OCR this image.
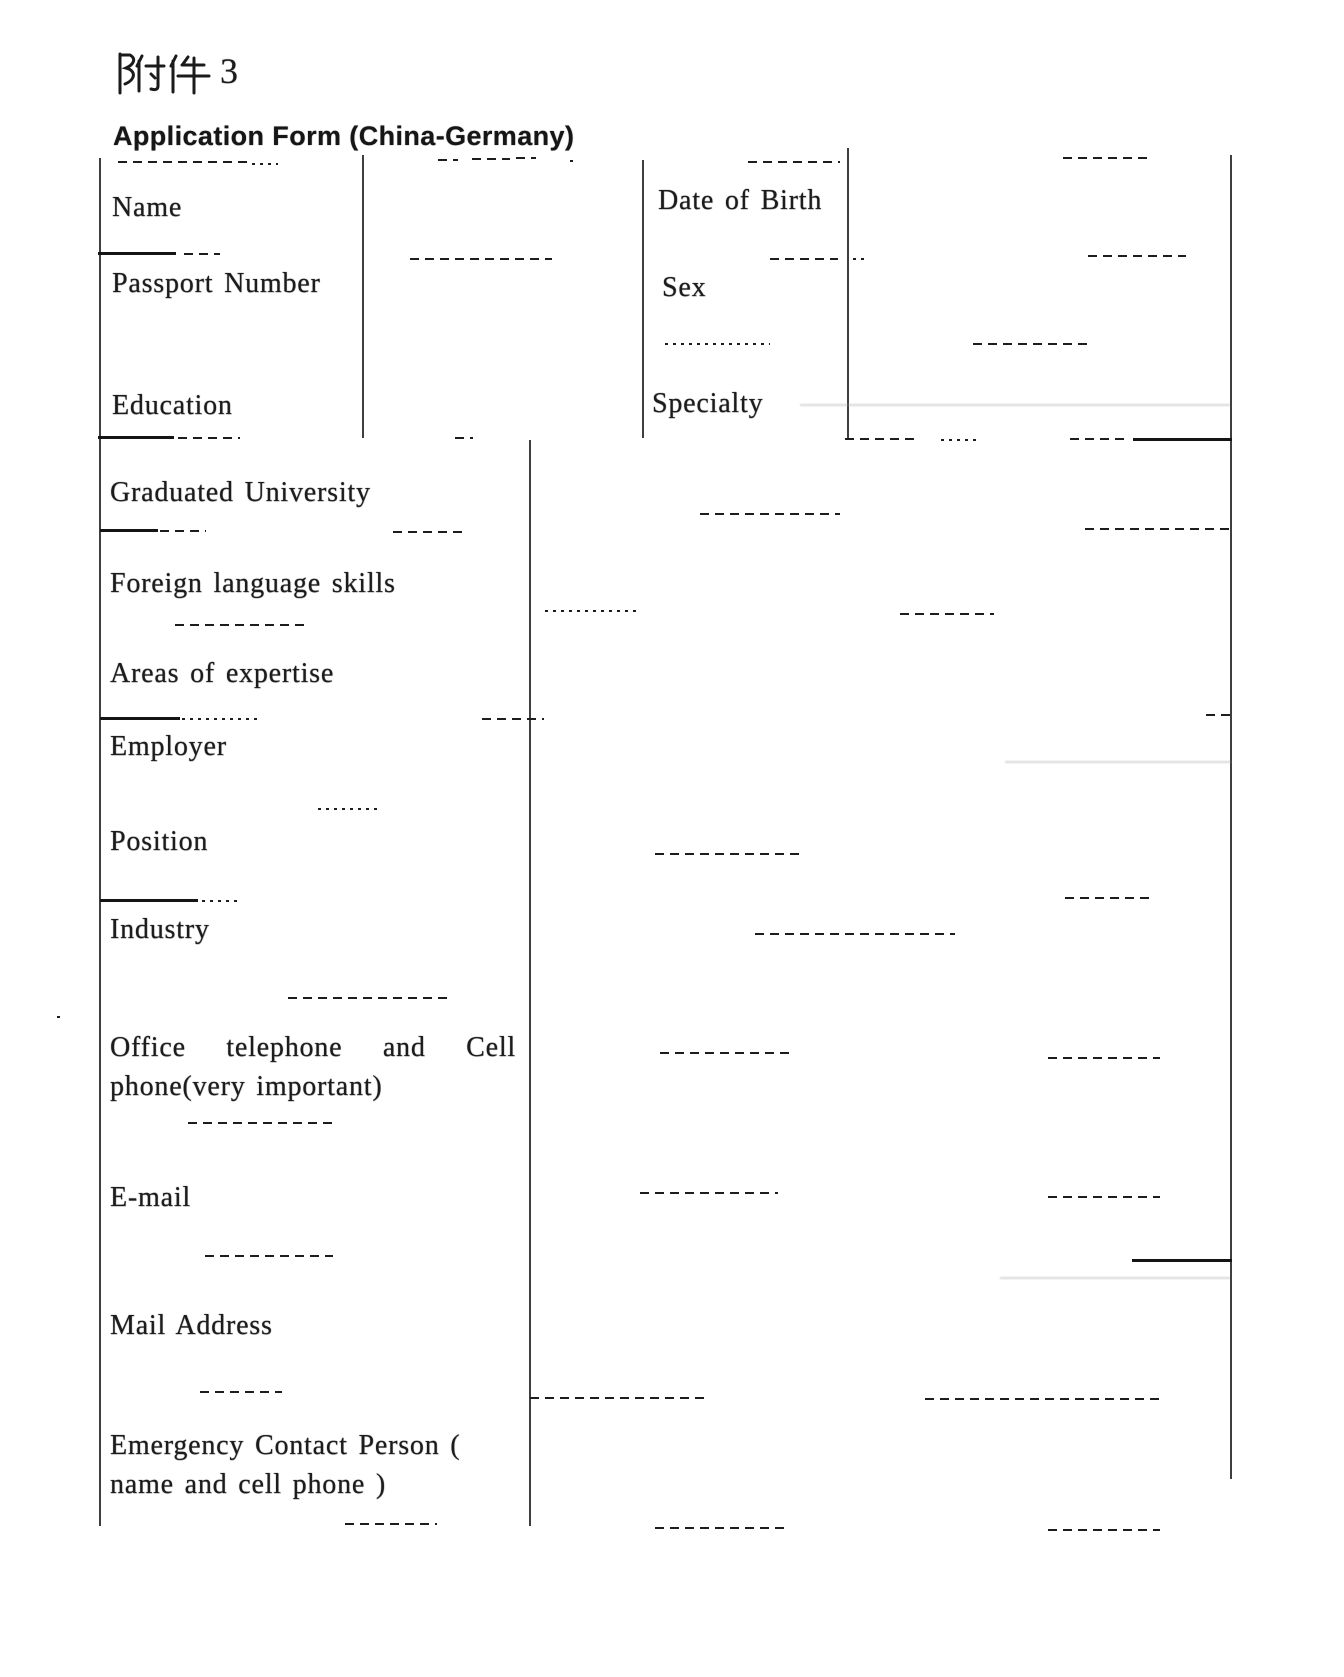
3
Application Form (China-Germany)
Name	Date of Birth
Passport Number	Sex
Education	Specialty
Graduated University
Foreign language skills
Areas of expertise
Employer
Position
Industry
Office telephone and Cell phone(very important)
E-mail
Mail Address
Emergency Contact Person ( name and cell phone )
